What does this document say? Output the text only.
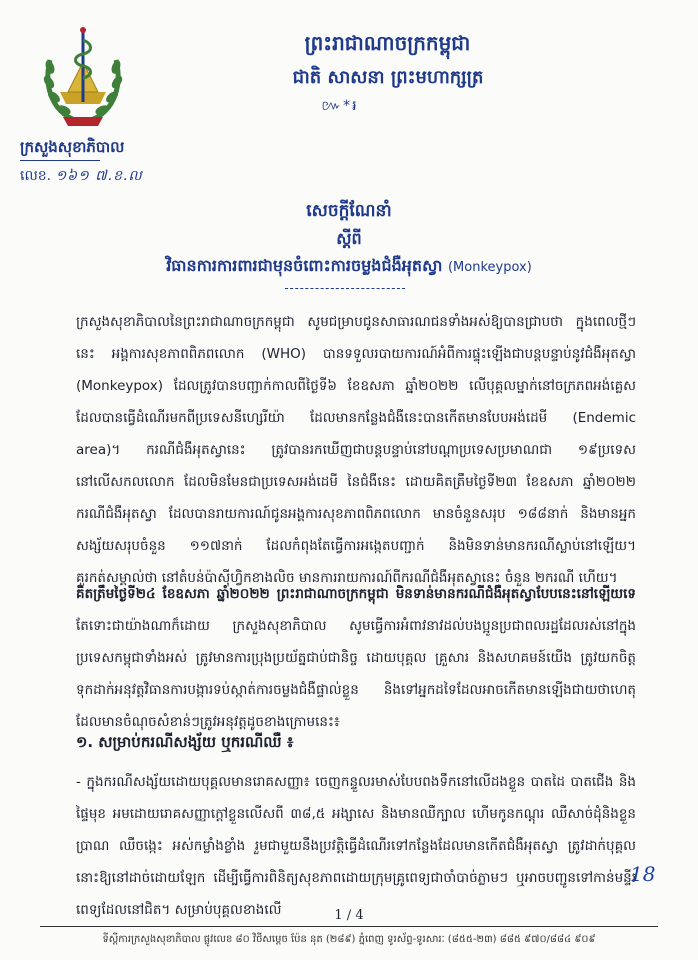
ក្រសួងសុខាភិបាល
លេខ. ១៦១ ៧.ខ.ល
ព្រះរាជាណាចក្រកម្ពុជា
ជាតិ សាសនា ព្រះមហាក្សត្រ
៚*៛
សេចក្ដីណែនាំ
ស្ដីពី
វិធានការការពារជាមុនចំពោះការចម្លងជំងឺអុតស្វា (Monkeypox)
ក្រសួងសុខាភិបាលនៃព្រះរាជាណាចក្រកម្ពុជា សូមជម្រាបជូនសាធារណជនទាំងអស់ឱ្យបានជ្រាបថា ក្នុងពេលថ្មីៗនេះ អង្គការសុខភាពពិភពលោក (WHO) បានទទួលរបាយការណ៍អំពីការផ្ទុះឡើងជាបន្តបន្ទាប់នូវជំងឺអុតស្វា (Monkeypox) ដែលត្រូវបានបញ្ជាក់កាលពីថ្ងៃទី៦ ខែឧសភា ឆ្នាំ២០២២ លើបុគ្គលម្នាក់នៅចក្រភពអង់គ្លេសដែលបានធ្វើដំណើរមកពីប្រទេសនីហ្សេរីយ៉ា ដែលមានកន្លែងជំងឺនេះបានកើតមានបែបអង់ដេមី (Endemic area)។ ករណីជំងឺអុតស្វានេះ ត្រូវបានរកឃើញជាបន្តបន្ទាប់នៅបណ្ដាប្រទេសប្រមាណជា ១៩ប្រទេស នៅលើសកលលោក ដែលមិនមែនជាប្រទេសអង់ដេមី នៃជំងឺនេះ ដោយគិតត្រឹមថ្ងៃទី២៣ ខែឧសភា ឆ្នាំ២០២២ ករណីជំងឺអុតស្វា ដែលបានរាយការណ៍ជូនអង្គការសុខភាពពិភពលោក មានចំនួនសរុប ១៨៨នាក់ និងមានអ្នកសង្ស័យសរុបចំនួន ១១៧នាក់ ដែលកំពុងតែធ្វើការអង្កេតបញ្ជាក់ និងមិនទាន់មានករណីស្លាប់នៅឡើយ។ គួរកត់សម្គាល់ថា នៅតំបន់ប៉ាស៊ីហ្វិកខាងលិច មានការរាយការណ៍ពីករណីជំងឺអុតស្វានេះ ចំនួន ២ករណី ហើយ។
គិតត្រឹមថ្ងៃទី២៤ ខែឧសភា ឆ្នាំ២០២២ ព្រះរាជាណាចក្រកម្ពុជា មិនទាន់មានករណីជំងឺអុតស្វាបែបនេះនៅឡើយទេ តែទោះជាយ៉ាងណាក៏ដោយ ក្រសួងសុខាភិបាល សូមធ្វើការអំពាវនាវដល់បងប្អូនប្រជាពលរដ្ឋដែលរស់នៅក្នុងប្រទេសកម្ពុជាទាំងអស់ ត្រូវមានការប្រុងប្រយ័ត្នជាប់ជានិច្ច ដោយបុគ្គល គ្រួសារ និងសហគមន៍យើង ត្រូវយកចិត្តទុកដាក់អនុវត្តវិធានការបង្ការទប់ស្កាត់ការចម្លងជំងឺផ្ទាល់ខ្លួន និងទៅអ្នកដទៃដែលអាចកើតមានឡើងជាយថាហេតុ ដែលមានចំណុចសំខាន់ៗត្រូវអនុវត្តដូចខាងក្រោមនេះ៖
១. សម្រាប់ករណីសង្ស័យ ឬករណីឈឺ ៖
- ក្នុងករណីសង្ស័យដោយបុគ្គលមានរោគសញ្ញា៖ ចេញកន្ទួលរមាស់បែបពងទឹកនៅលើដងខ្លួន បាតដៃ បាតជើង និងផ្ទៃមុខ អមដោយរោគសញ្ញាក្ដៅខ្លួនលើសពី ៣៨,៥ អង្សាសេ និងមានឈឺក្បាល ហើមកូនកណ្ដុរ ឈឺសាច់ដុំនិងខ្លួនប្រាណ ឈឺចង្កេះ អស់កម្លាំងខ្លាំង រួមជាមួយនឹងប្រវត្តិធ្វើដំណើរទៅកន្លែងដែលមានកើតជំងឺអុតស្វា ត្រូវដាក់បុគ្គលនោះឱ្យនៅដាច់ដោយឡែក ដើម្បីធ្វើការពិនិត្យសុខភាពដោយក្រុមគ្រូពេទ្យជាចាំបាច់ភ្លាមៗ ឬអាចបញ្ជូនទៅកាន់មន្ទីរពេទ្យដែលនៅជិត។ សម្រាប់បុគ្គលខាងលើ
18
1 / 4
ទីស្តីការក្រសួងសុខាភិបាល ផ្លូវលេខ ៨០ វិថីសម្ដេច ប៉ែន នុត (២៨៩) ភ្នំពេញ ទូរស័ព្ទ-ទូរសារៈ (៨៥៥-២៣) ៨៨៥ ៩៧០/៨៨៤ ៩០៩
